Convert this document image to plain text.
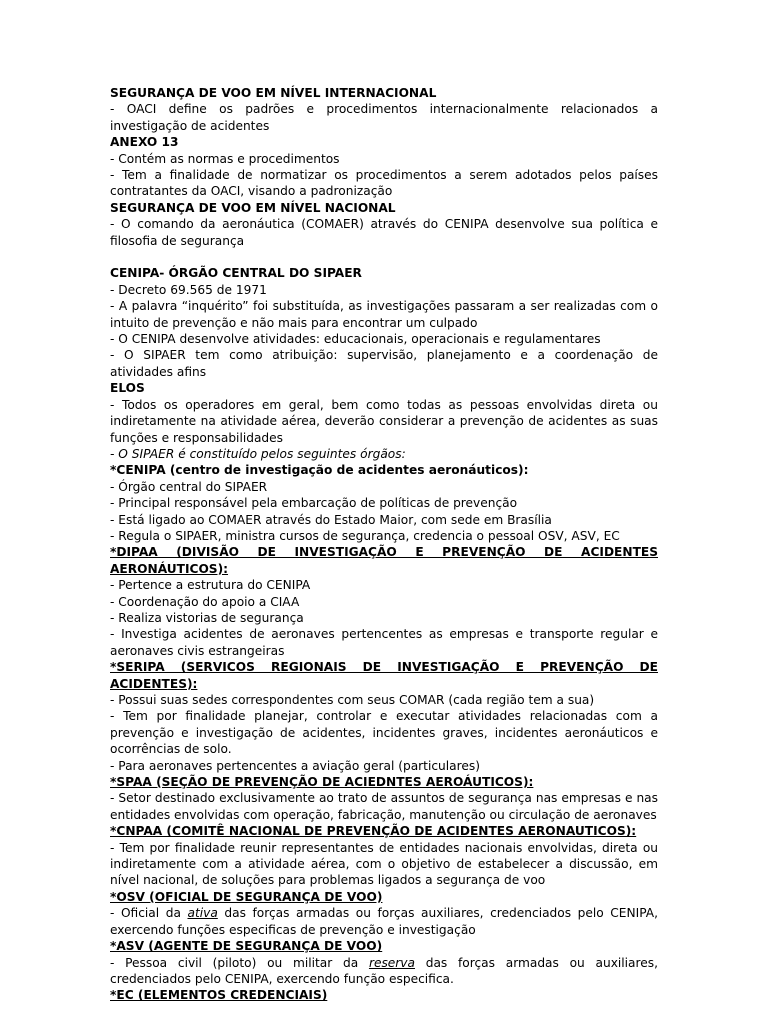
SEGURANÇA DE VOO EM NÍVEL INTERNACIONAL

- OACI define os padrões e procedimentos internacionalmente relacionados a investigação de acidentes

ANEXO 13

- Contém as normas e procedimentos

- Tem a finalidade de normatizar os procedimentos a serem adotados pelos países contratantes da OACI, visando a padronização

SEGURANÇA DE VOO EM NÍVEL NACIONAL

- O comando da aeronáutica (COMAER) através do CENIPA desenvolve sua política e filosofia de segurança

CENIPA- ÓRGÃO CENTRAL DO SIPAER

- Decreto 69.565 de 1971

- A palavra “inquérito” foi substituída, as investigações passaram a ser realizadas com o intuito de prevenção e não mais para encontrar um culpado

- O CENIPA desenvolve atividades: educacionais, operacionais e regulamentares

- O SIPAER tem como atribuição: supervisão, planejamento e a coordenação de atividades afins

ELOS

- Todos os operadores em geral, bem como todas as pessoas envolvidas direta ou indiretamente na atividade aérea, deverão considerar a prevenção de acidentes as suas funções e responsabilidades

- O SIPAER é constituído pelos seguintes órgãos:

*CENIPA (centro de investigação de acidentes aeronáuticos):

- Órgão central do SIPAER

- Principal responsável pela embarcação de políticas de prevenção

- Está ligado ao COMAER através do Estado Maior, com sede em Brasília

- Regula o SIPAER, ministra cursos de segurança, credencia o pessoal OSV, ASV, EC

*DIPAA (DIVISÃO DE INVESTIGAÇÃO E PREVENÇÃO DE ACIDENTES AERONÁUTICOS):

- Pertence a estrutura do CENIPA

- Coordenação do apoio a CIAA

- Realiza vistorias de segurança

- Investiga acidentes de aeronaves pertencentes as empresas e transporte regular e aeronaves civis estrangeiras

*SERIPA (SERVICOS REGIONAIS DE INVESTIGAÇÃO E PREVENÇÃO DE ACIDENTES):

- Possui suas sedes correspondentes com seus COMAR (cada região tem a sua)

- Tem por finalidade planejar, controlar e executar atividades relacionadas com a prevenção e investigação de acidentes, incidentes graves, incidentes aeronáuticos e ocorrências de solo.

- Para aeronaves pertencentes a aviação geral (particulares)

*SPAA (SEÇÃO DE PREVENÇÃO DE ACIEDNTES AEROÁUTICOS):

- Setor destinado exclusivamente ao trato de assuntos de segurança nas empresas e nas entidades envolvidas com operação, fabricação, manutenção ou circulação de aeronaves

*CNPAA (COMITÊ NACIONAL DE PREVENÇÃO DE ACIDENTES AERONAUTICOS):

- Tem por finalidade reunir representantes de entidades nacionais envolvidas, direta ou indiretamente com a atividade aérea, com o objetivo de estabelecer a discussão, em nível nacional, de soluções para problemas ligados a segurança de voo

*OSV (OFICIAL DE SEGURANÇA DE VOO)

- Oficial da ativa das forças armadas ou forças auxiliares, credenciados pelo CENIPA, exercendo funções especificas de prevenção e investigação

*ASV (AGENTE DE SEGURANÇA DE VOO)

- Pessoa civil (piloto) ou militar da reserva das forças armadas ou auxiliares, credenciados pelo CENIPA, exercendo função especifica.

*EC (ELEMENTOS CREDENCIAIS)
